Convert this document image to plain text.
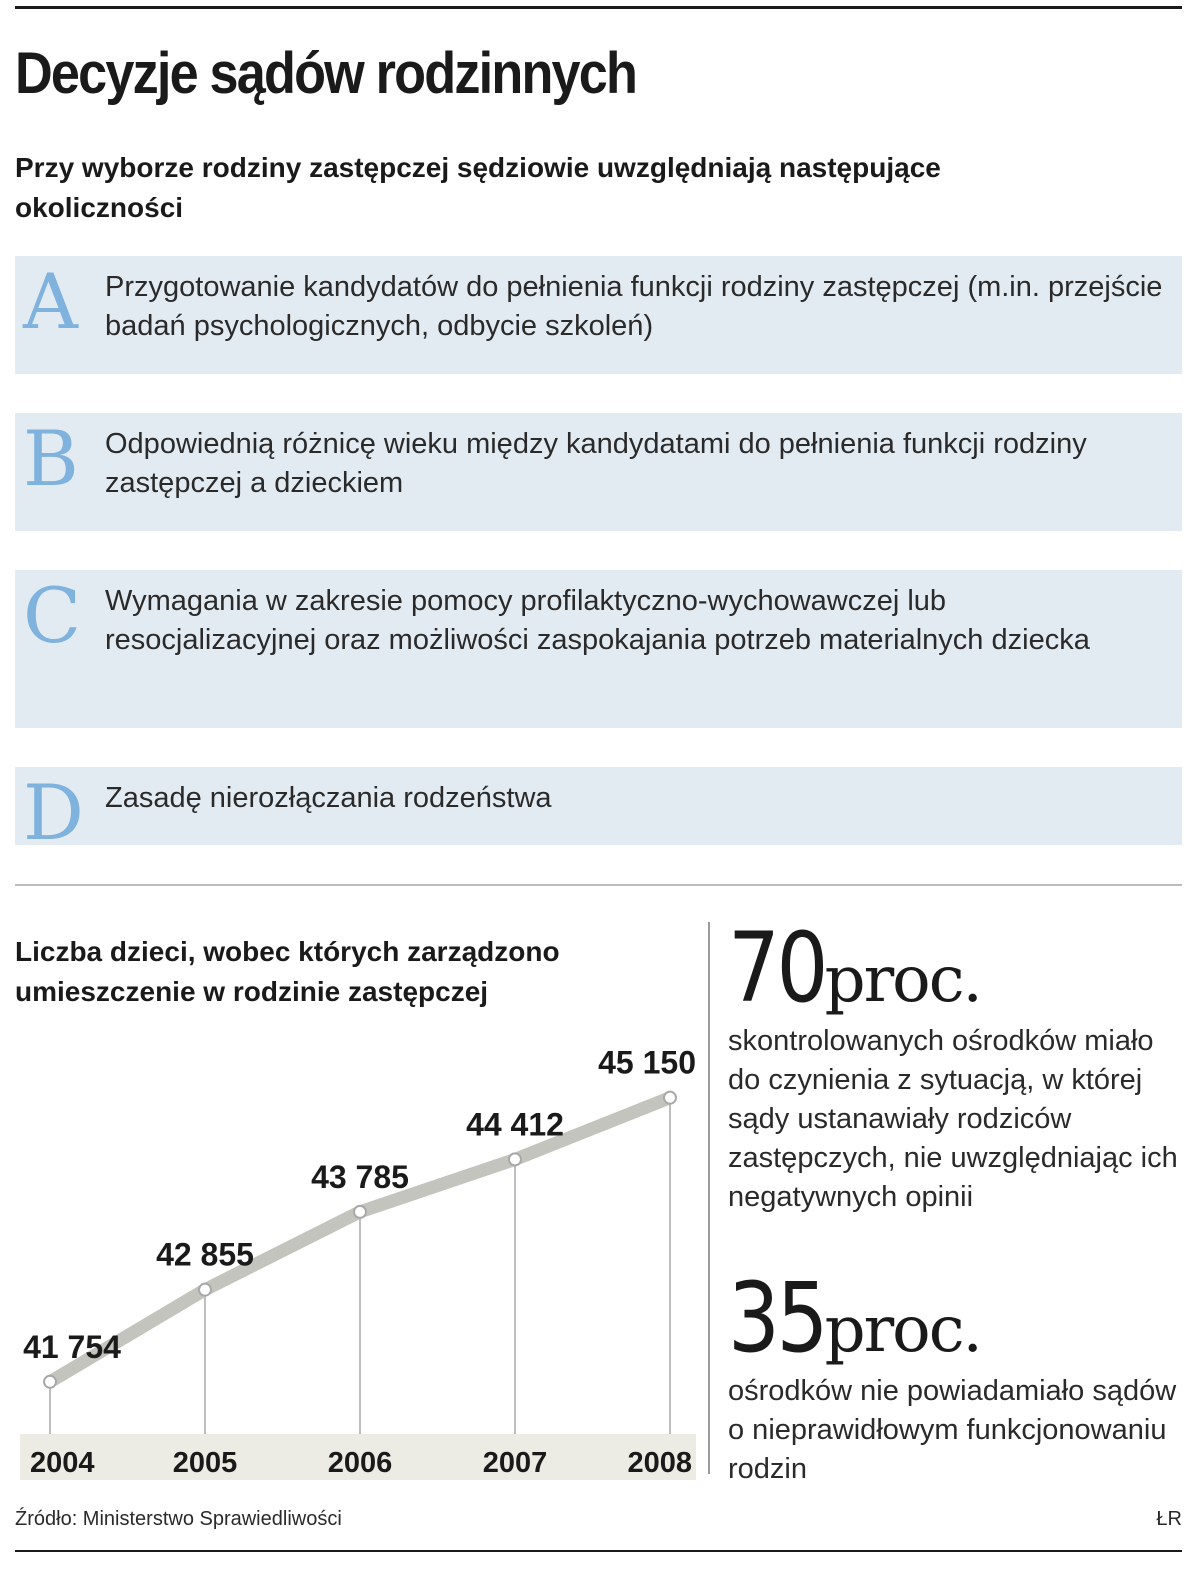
Decyzje sądów rodzinnych

Przy wyborze rodziny zastępczej sędziowie uwzględniają następujące okoliczności

A Przygotowanie kandydatów do pełnienia funkcji rodziny zastępczej (m.in. przejście badań psychologicznych, odbycie szkoleń)
B Odpowiednią różnicę wieku między kandydatami do pełnienia funkcji rodziny zastępczej a dzieckiem
C Wymagania w zakresie pomocy profilaktyczno-wychowawczej lub resocjalizacyjnej oraz możliwości zaspokajania potrzeb materialnych dziecka
D Zasadę nierozłączania rodzeństwa
Liczba dzieci, wobec których zarządzono umieszczenie w rodzinie zastępczej
41 754
42 855
43 785
44 412
45 150
2004	2005	2006	2007	2008
70 proc.
skontrolowanych ośrodków miało do czynienia z sytuacją, w której sądy ustanawiały rodziców zastępczych, nie uwzględniając ich negatywnych opinii
35 proc.
ośrodków nie powiadamiało sądów o nieprawidłowym funkcjonowaniu rodzin
Źródło: Ministerstwo Sprawiedliwości	ŁR
